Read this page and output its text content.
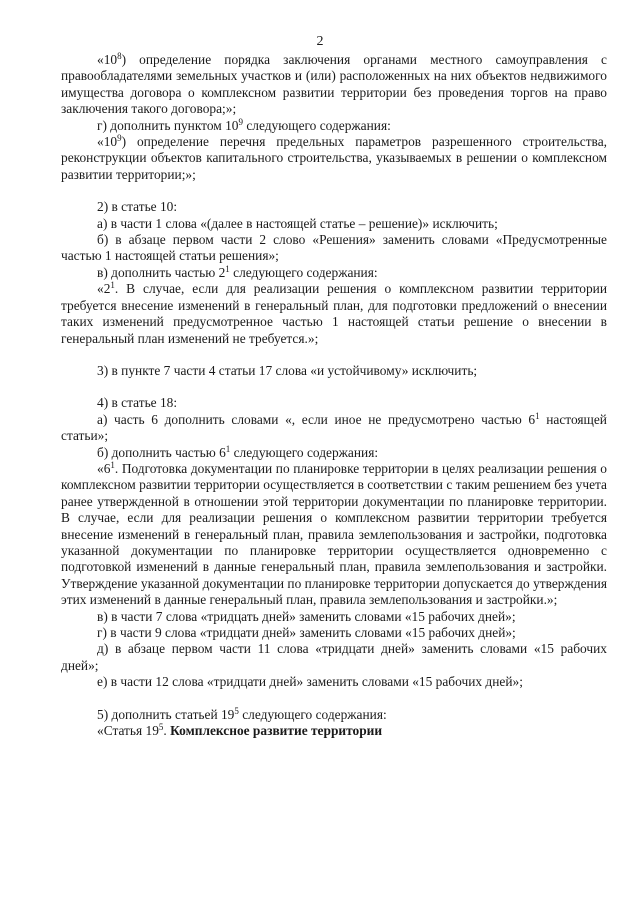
2

«$10^8$) определение порядка заключения органами местного самоуправления с правообладателями земельных участков и (или) расположенных на них объектов недвижимого имущества договора о комплексном развитии территории без проведения торгов на право заключения такого договора;»;

г) дополнить пунктом $10^9$ следующего содержания:

«$10^9$) определение перечня предельных параметров разрешенного строительства, реконструкции объектов капитального строительства, указываемых в решении о комплексном развитии территории;»;

2) в статье 10:

а) в части 1 слова «(далее в настоящей статье – решение)» исключить;

б) в абзаце первом части 2 слово «Решения» заменить словами «Предусмотренные частью 1 настоящей статьи решения»;

в) дополнить частью $2^1$ следующего содержания:

«$2^1$. В случае, если для реализации решения о комплексном развитии территории требуется внесение изменений в генеральный план, для подготовки предложений о внесении таких изменений предусмотренное частью 1 настоящей статьи решение о внесении в генеральный план изменений не требуется.»;

3) в пункте 7 части 4 статьи 17 слова «и устойчивому» исключить;

4) в статье 18:

а) часть 6 дополнить словами «, если иное не предусмотрено частью $6^1$ настоящей статьи»;

б) дополнить частью $6^1$ следующего содержания:

«$6^1$. Подготовка документации по планировке территории в целях реализации решения о комплексном развитии территории осуществляется в соответствии с таким решением без учета ранее утвержденной в отношении этой территории документации по планировке территории. В случае, если для реализации решения о комплексном развитии территории требуется внесение изменений в генеральный план, правила землепользования и застройки, подготовка указанной документации по планировке территории осуществляется одновременно с подготовкой изменений в данные генеральный план, правила землепользования и застройки. Утверждение указанной документации по планировке территории допускается до утверждения этих изменений в данные генеральный план, правила землепользования и застройки.»;

в) в части 7 слова «тридцать дней» заменить словами «15 рабочих дней»;

г) в части 9 слова «тридцати дней» заменить словами «15 рабочих дней»;

д) в абзаце первом части 11 слова «тридцати дней» заменить словами «15 рабочих дней»;

е) в части 12 слова «тридцати дней» заменить словами «15 рабочих дней»;

5) дополнить статьей $19^5$ следующего содержания:

«Статья $19^5$. Комплексное развитие территории
